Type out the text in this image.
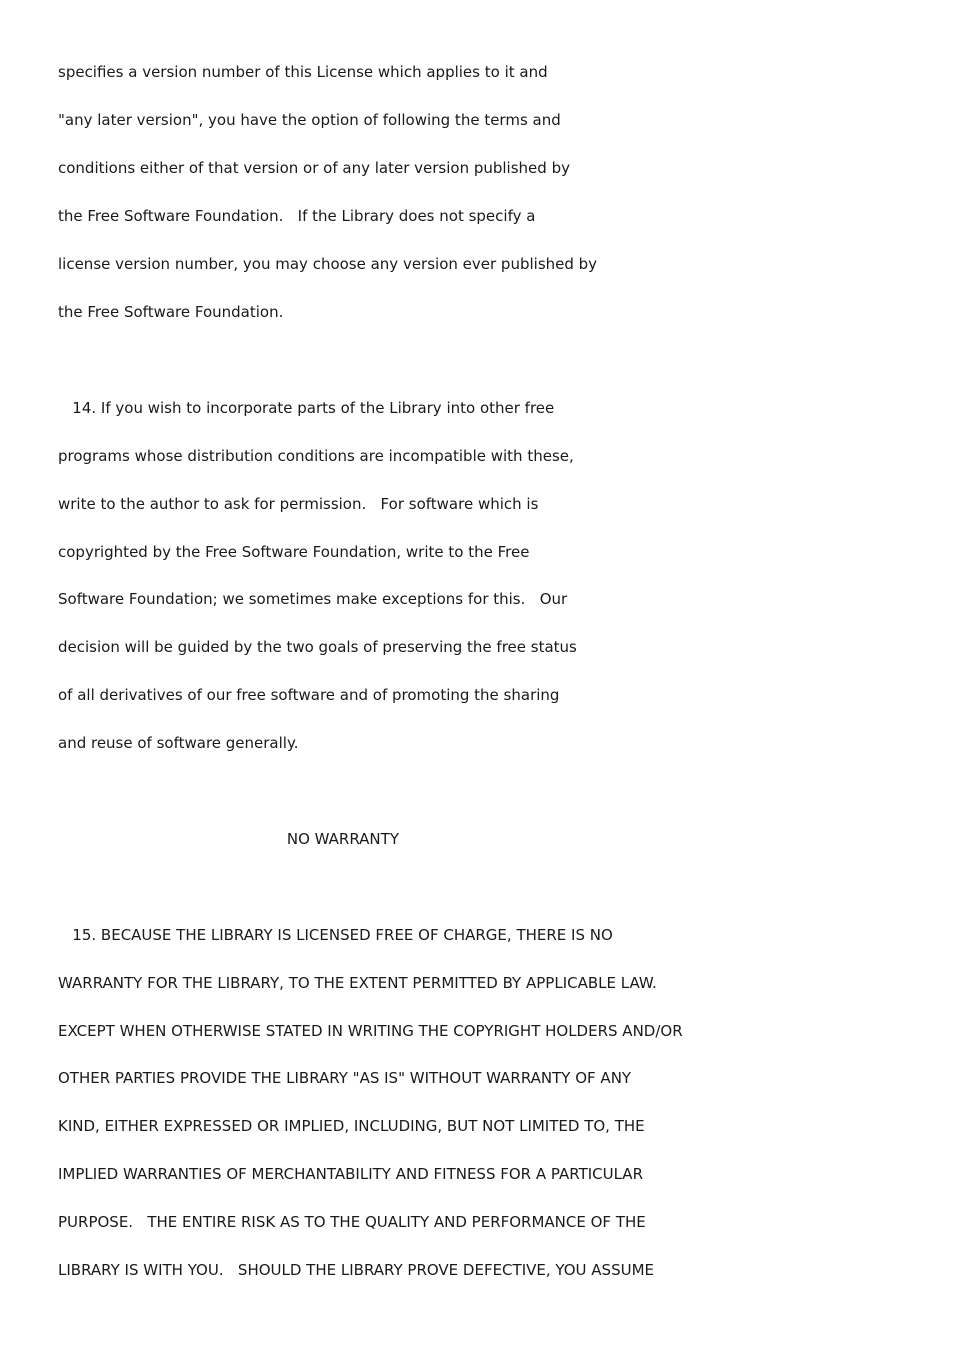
specifies a version number of this License which applies to it and

"any later version", you have the option of following the terms and

conditions either of that version or of any later version published by

the Free Software Foundation.   If the Library does not specify a

license version number, you may choose any version ever published by

the Free Software Foundation.

14. If you wish to incorporate parts of the Library into other free

programs whose distribution conditions are incompatible with these,

write to the author to ask for permission.   For software which is

copyrighted by the Free Software Foundation, write to the Free

Software Foundation; we sometimes make exceptions for this.   Our

decision will be guided by the two goals of preserving the free status

of all derivatives of our free software and of promoting the sharing

and reuse of software generally.

NO WARRANTY

15. BECAUSE THE LIBRARY IS LICENSED FREE OF CHARGE, THERE IS NO

WARRANTY FOR THE LIBRARY, TO THE EXTENT PERMITTED BY APPLICABLE LAW.

EXCEPT WHEN OTHERWISE STATED IN WRITING THE COPYRIGHT HOLDERS AND/OR

OTHER PARTIES PROVIDE THE LIBRARY "AS IS" WITHOUT WARRANTY OF ANY

KIND, EITHER EXPRESSED OR IMPLIED, INCLUDING, BUT NOT LIMITED TO, THE

IMPLIED WARRANTIES OF MERCHANTABILITY AND FITNESS FOR A PARTICULAR

PURPOSE.   THE ENTIRE RISK AS TO THE QUALITY AND PERFORMANCE OF THE

LIBRARY IS WITH YOU.   SHOULD THE LIBRARY PROVE DEFECTIVE, YOU ASSUME
